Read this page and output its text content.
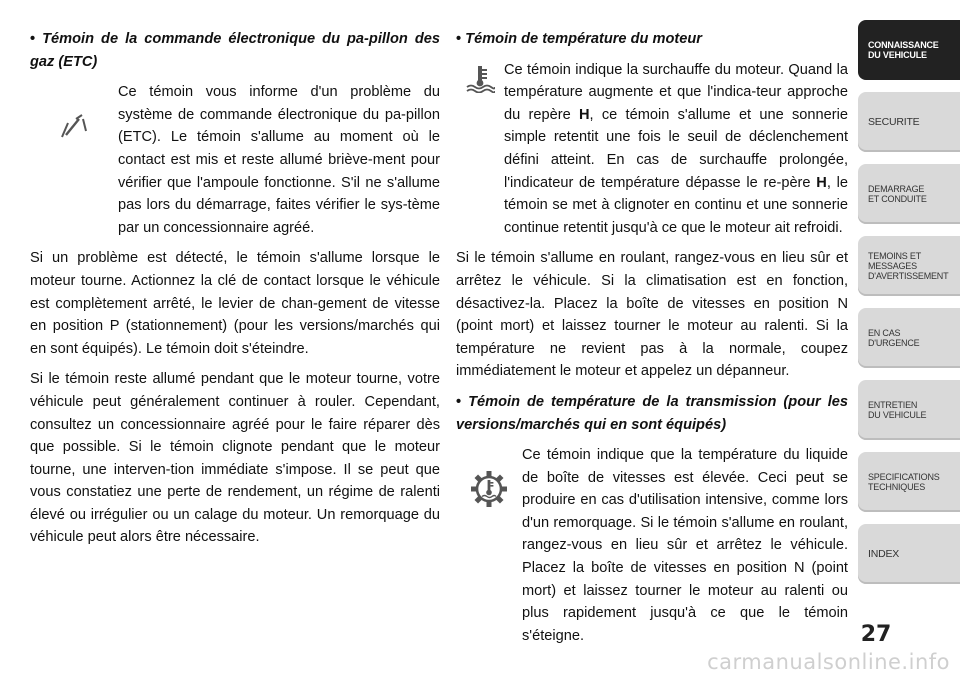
• Témoin de la commande électronique du pa-pillon des gaz (ETC)

Ce témoin vous informe d'un problème du système de commande électronique du pa-pillon (ETC). Le témoin s'allume au moment où le contact est mis et reste allumé briève-ment pour vérifier que l'ampoule fonctionne. S'il ne s'allume pas lors du démarrage, faites vérifier le sys-tème par un concessionnaire agréé.

Si un problème est détecté, le témoin s'allume lorsque le moteur tourne. Actionnez la clé de contact lorsque le véhicule est complètement arrêté, le levier de chan-gement de vitesse en position P (stationnement) (pour les versions/marchés qui en sont équipés). Le témoin doit s'éteindre.

Si le témoin reste allumé pendant que le moteur tourne, votre véhicule peut généralement continuer à rouler. Cependant, consultez un concessionnaire agréé pour le faire réparer dès que possible. Si le témoin clignote pendant que le moteur tourne, une interven-tion immédiate s'impose. Il se peut que vous constatiez une perte de rendement, un régime de ralenti élevé ou irrégulier ou un calage du moteur. Un remorquage du véhicule peut alors être nécessaire.

• Témoin de température du moteur

Ce témoin indique la surchauffe du moteur. Quand la température augmente et que l'indica-teur approche du repère H, ce témoin s'allume et une sonnerie simple retentit une fois le seuil de déclenchement défini atteint. En cas de surchauffe prolongée, l'indicateur de température dépasse le re-père H, le témoin se met à clignoter en continu et une sonnerie continue retentit jusqu'à ce que le moteur ait refroidi.

Si le témoin s'allume en roulant, rangez-vous en lieu sûr et arrêtez le véhicule. Si la climatisation est en fonction, désactivez-la. Placez la boîte de vitesses en position N (point mort) et laissez tourner le moteur au ralenti. Si la température ne revient pas à la normale, coupez immédiatement le moteur et appelez un dépanneur.

• Témoin de température de la transmission (pour les versions/marchés qui en sont équipés)

Ce témoin indique que la température du liquide de boîte de vitesses est élevée. Ceci peut se produire en cas d'utilisation intensive, comme lors d'un remorquage. Si le témoin s'allume en roulant, rangez-vous en lieu sûr et arrêtez le véhicule. Placez la boîte de vitesses en position N (point mort) et laissez tourner le moteur au ralenti ou plus rapidement jusqu'à ce que le témoin s'éteigne.

CONNAISSANCE
DU VEHICULE
SECURITE
DEMARRAGE
ET CONDUITE
TEMOINS ET
MESSAGES
D'AVERTISSEMENT
EN CAS
D'URGENCE
ENTRETIEN
DU VEHICULE
SPECIFICATIONS
TECHNIQUES
INDEX
27
carmanualsonline.info
